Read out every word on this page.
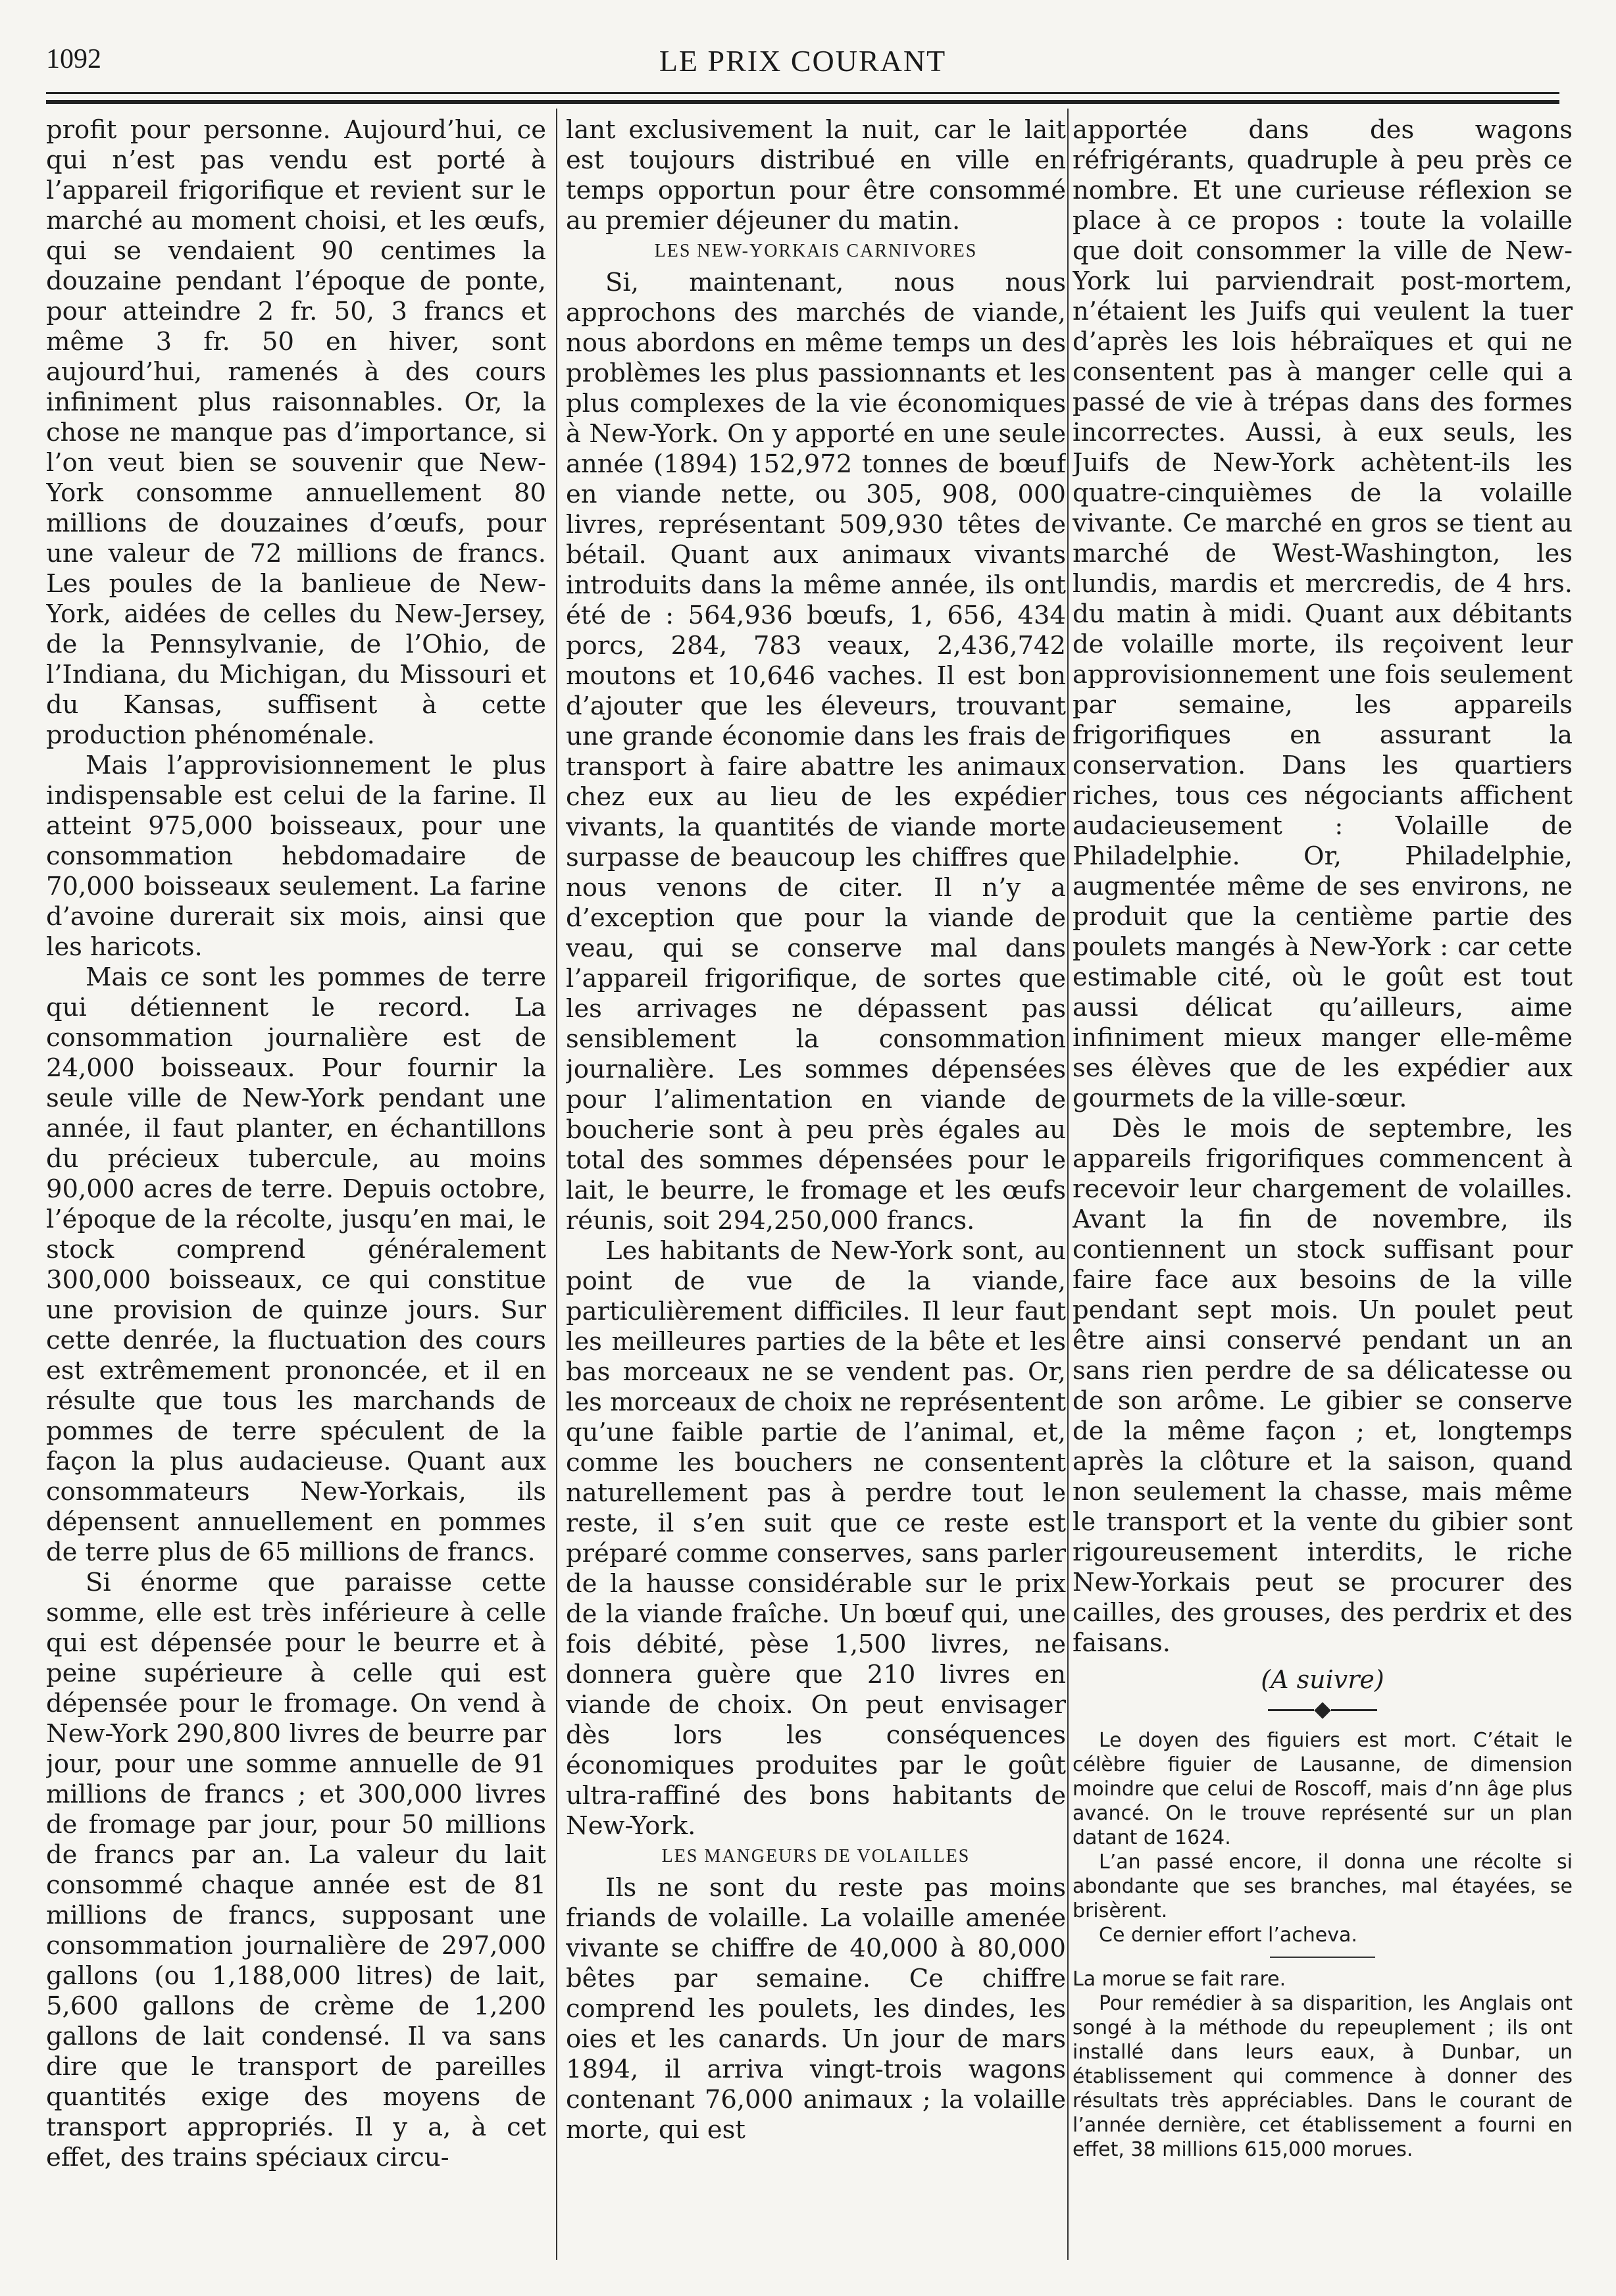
1092	LE PRIX COURANT

profit pour personne. Aujourd’hui, ce qui n’est pas vendu est porté à l’appareil frigorifique et revient sur le marché au moment choisi, et les œufs, qui se vendaient 90 centimes la douzaine pendant l’époque de ponte, pour atteindre 2 fr. 50, 3 francs et même 3 fr. 50 en hiver, sont aujourd’hui, ramenés à des cours infiniment plus raisonnables. Or, la chose ne manque pas d’importance, si l’on veut bien se souvenir que New-York consomme annuellement 80 millions de douzaines d’œufs, pour une valeur de 72 millions de francs. Les poules de la banlieue de New-York, aidées de celles du New-Jersey, de la Pennsylvanie, de l’Ohio, de l’Indiana, du Michigan, du Missouri et du Kansas, suffisent à cette production phénoménale.

Mais l’approvisionnement le plus indispensable est celui de la farine. Il atteint 975,000 boisseaux, pour une consommation hebdomadaire de 70,000 boisseaux seulement. La farine d’avoine durerait six mois, ainsi que les haricots.

Mais ce sont les pommes de terre qui détiennent le record. La consommation journalière est de 24,000 boisseaux. Pour fournir la seule ville de New-York pendant une année, il faut planter, en échantillons du précieux tubercule, au moins 90,000 acres de terre. Depuis octobre, l’époque de la récolte, jusqu’en mai, le stock comprend généralement 300,000 boisseaux, ce qui constitue une provision de quinze jours. Sur cette denrée, la fluctuation des cours est extrêmement prononcée, et il en résulte que tous les marchands de pommes de terre spéculent de la façon la plus audacieuse. Quant aux consommateurs New-Yorkais, ils dépensent annuellement en pommes de terre plus de 65 millions de francs.

Si énorme que paraisse cette somme, elle est très inférieure à celle qui est dépensée pour le beurre et à peine supérieure à celle qui est dépensée pour le fromage. On vend à New-York 290,800 livres de beurre par jour, pour une somme annuelle de 91 millions de francs ; et 300,000 livres de fromage par jour, pour 50 millions de francs par an. La valeur du lait consommé chaque année est de 81 millions de francs, supposant une consommation journalière de 297,000 gallons (ou 1,188,000 litres) de lait, 5,600 gallons de crème de 1,200 gallons de lait condensé. Il va sans dire que le transport de pareilles quantités exige des moyens de transport appropriés. Il y a, à cet effet, des trains spéciaux circu-

lant exclusivement la nuit, car le lait est toujours distribué en ville en temps opportun pour être consommé au premier déjeuner du matin.

LES NEW-YORKAIS CARNIVORES

Si, maintenant, nous nous approchons des marchés de viande, nous abordons en même temps un des problèmes les plus passionnants et les plus complexes de la vie économiques à New-York. On y apporté en une seule année (1894) 152,972 tonnes de bœuf en viande nette, ou 305, 908, 000 livres, représentant 509,930 têtes de bétail. Quant aux animaux vivants introduits dans la même année, ils ont été de : 564,936 bœufs, 1, 656, 434 porcs, 284, 783 veaux, 2,436,742 moutons et 10,646 vaches. Il est bon d’ajouter que les éleveurs, trouvant une grande économie dans les frais de transport à faire abattre les animaux chez eux au lieu de les expédier vivants, la quantités de viande morte surpasse de beaucoup les chiffres que nous venons de citer. Il n’y a d’exception que pour la viande de veau, qui se conserve mal dans l’appareil frigorifique, de sortes que les arrivages ne dépassent pas sensiblement la consommation journalière. Les sommes dépensées pour l’alimentation en viande de boucherie sont à peu près égales au total des sommes dépensées pour le lait, le beurre, le fromage et les œufs réunis, soit 294,250,000 francs.

Les habitants de New-York sont, au point de vue de la viande, particulièrement difficiles. Il leur faut les meilleures parties de la bête et les bas morceaux ne se vendent pas. Or, les morceaux de choix ne représentent qu’une faible partie de l’animal, et, comme les bouchers ne consentent naturellement pas à perdre tout le reste, il s’en suit que ce reste est préparé comme conserves, sans parler de la hausse considérable sur le prix de la viande fraîche. Un bœuf qui, une fois débité, pèse 1,500 livres, ne donnera guère que 210 livres en viande de choix. On peut envisager dès lors les conséquences économiques produites par le goût ultra-raffiné des bons habitants de New-York.

LES MANGEURS DE VOLAILLES

Ils ne sont du reste pas moins friands de volaille. La volaille amenée vivante se chiffre de 40,000 à 80,000 bêtes par semaine. Ce chiffre comprend les poulets, les dindes, les oies et les canards. Un jour de mars 1894, il arriva vingt-trois wagons contenant 76,000 animaux ; la volaille morte, qui est

apportée dans des wagons réfrigérants, quadruple à peu près ce nombre. Et une curieuse réflexion se place à ce propos : toute la volaille que doit consommer la ville de New-York lui parviendrait post-mortem, n’étaient les Juifs qui veulent la tuer d’après les lois hébraïques et qui ne consentent pas à manger celle qui a passé de vie à trépas dans des formes incorrectes. Aussi, à eux seuls, les Juifs de New-York achètent-ils les quatre-cinquièmes de la volaille vivante. Ce marché en gros se tient au marché de West-Washington, les lundis, mardis et mercredis, de 4 hrs. du matin à midi. Quant aux débitants de volaille morte, ils reçoivent leur approvisionnement une fois seulement par semaine, les appareils frigorifiques en assurant la conservation. Dans les quartiers riches, tous ces négociants affichent audacieusement : Volaille de Philadelphie. Or, Philadelphie, augmentée même de ses environs, ne produit que la centième partie des poulets mangés à New-York : car cette estimable cité, où le goût est tout aussi délicat qu’ailleurs, aime infiniment mieux manger elle-même ses élèves que de les expédier aux gourmets de la ville-sœur.

Dès le mois de septembre, les appareils frigorifiques commencent à recevoir leur chargement de volailles. Avant la fin de novembre, ils contiennent un stock suffisant pour faire face aux besoins de la ville pendant sept mois. Un poulet peut être ainsi conservé pendant un an sans rien perdre de sa délicatesse ou de son arôme. Le gibier se conserve de la même façon ; et, longtemps après la clôture et la saison, quand non seulement la chasse, mais même le transport et la vente du gibier sont rigoureusement interdits, le riche New-Yorkais peut se procurer des cailles, des grouses, des perdrix et des faisans.

(A suivre)

Le doyen des figuiers est mort. C’était le célèbre figuier de Lausanne, de dimension moindre que celui de Roscoff, mais d’nn âge plus avancé. On le trouve représenté sur un plan datant de 1624.

L’an passé encore, il donna une récolte si abondante que ses branches, mal étayées, se brisèrent.

Ce dernier effort l’acheva.

La morue se fait rare.

Pour remédier à sa disparition, les Anglais ont songé à la méthode du repeuplement ; ils ont installé dans leurs eaux, à Dunbar, un établissement qui commence à donner des résultats très appréciables. Dans le courant de l’année dernière, cet établissement a fourni en effet, 38 millions 615,000 morues.
